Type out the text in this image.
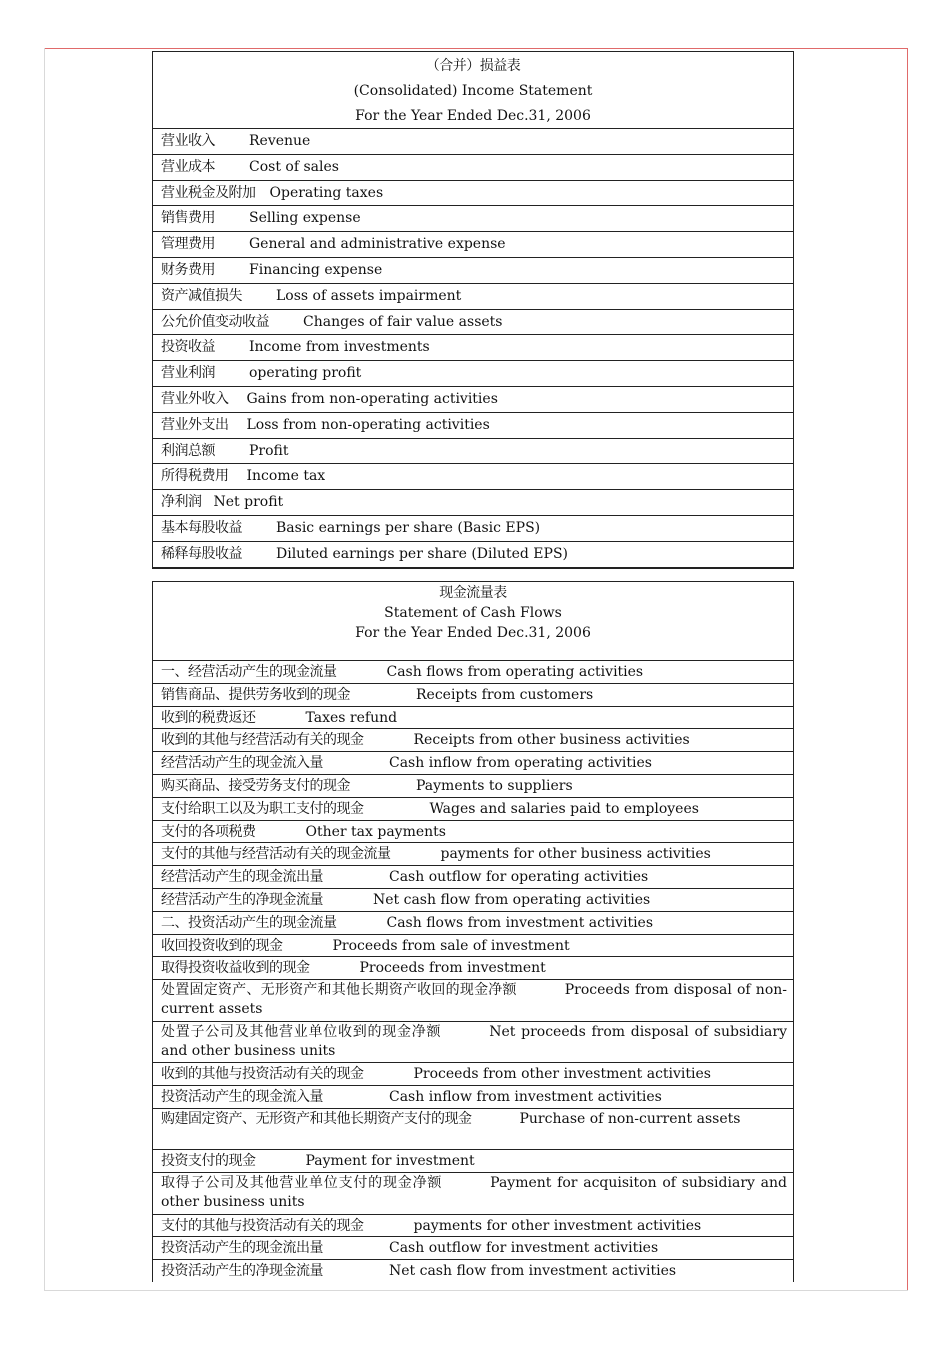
（合并）损益表
(Consolidated) Income Statement
For the Year Ended Dec.31, 2006
营业收入 Revenue
营业成本 Cost of sales
营业税金及附加 Operating taxes
销售费用 Selling expense
管理费用 General and administrative expense
财务费用 Financing expense
资产减值损失 Loss of assets impairment
公允价值变动收益 Changes of fair value assets
投资收益 Income from investments
营业利润 operating profit
营业外收入 Gains from non-operating activities
营业外支出 Loss from non-operating activities
利润总额 Profit
所得税费用 Income tax
净利润 Net profit
基本每股收益 Basic earnings per share (Basic EPS)
稀释每股收益 Diluted earnings per share (Diluted EPS)
现金流量表
Statement of Cash Flows
For the Year Ended Dec.31, 2006
一、经营活动产生的现金流量	Cash flows from operating activities
销售商品、提供劳务收到的现金	Receipts from customers
收到的税费返还	Taxes refund
收到的其他与经营活动有关的现金	Receipts from other business activities
经营活动产生的现金流入量	Cash inflow from operating activities
购买商品、接受劳务支付的现金	Payments to suppliers
支付给职工以及为职工支付的现金	Wages and salaries paid to employees
支付的各项税费	Other tax payments
支付的其他与经营活动有关的现金流量	payments for other business activities
经营活动产生的现金流出量	Cash outflow for operating activities
经营活动产生的净现金流量	Net cash flow from operating activities
二、投资活动产生的现金流量	Cash flows from investment activities
收回投资收到的现金	Proceeds from sale of investment
取得投资收益收到的现金	Proceeds from investment
处置固定资产、无形资产和其他长期资产收回的现金净额	Proceeds from disposal of non-current assets
处置子公司及其他营业单位收到的现金净额	Net proceeds from disposal of subsidiary and other business units
收到的其他与投资活动有关的现金	Proceeds from other investment activities
投资活动产生的现金流入量	Cash inflow from investment activities
购建固定资产、无形资产和其他长期资产支付的现金	Purchase of non-current assets
投资支付的现金	Payment for investment
取得子公司及其他营业单位支付的现金净额	Payment for acquisiton of subsidiary and other business units
支付的其他与投资活动有关的现金	payments for other investment activities
投资活动产生的现金流出量	Cash outflow for investment activities
投资活动产生的净现金流量	Net cash flow from investment activities
